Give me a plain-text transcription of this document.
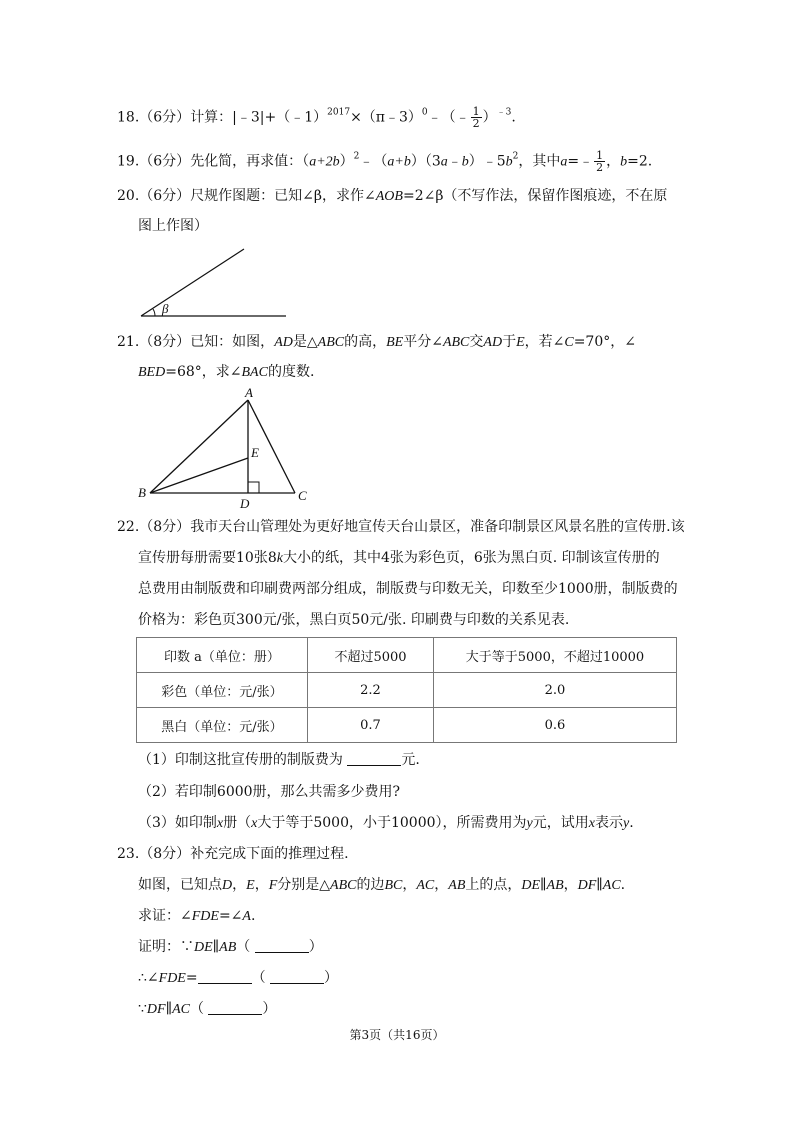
18.（6分）计算：|﹣3|+（﹣1）$^{2017}$×（π﹣3）$^0$﹣（﹣ $\frac{1}{2} )^{﹣3}$.
19.（6分）先化简，再求值：$(a+2b)^2﹣(a+b)(3a﹣b)﹣5b^2$，其中a=﹣ $\frac{1}{2}$ ，b=2.
20.（6分）尺规作图题：已知∠β，求作∠AOB=2∠β（不写作法，保留作图痕迹，不在原
图上作图）
β
21.（8分）已知：如图，AD是△ABC的高，BE平分∠ABC交AD于E，若∠C=70°，∠
BED=68°，求∠BAC的度数.
A
B	C
D
E
22.（8分）我市天台山管理处为更好地宣传天台山景区，准备印制景区风景名胜的宣传册.该
宣传册每册需要10张8k大小的纸，其中4张为彩色页，6张为黑白页. 印制该宣传册的
总费用由制版费和印刷费两部分组成，制版费与印数无关，印数至少1000册，制版费的
价格为：彩色页300元/张，黑白页50元/张. 印刷费与印数的关系见表.
印数 a（单位：册）	不超过5000	大于等于5000，不超过10000
彩色（单位：元/张）	2.2	2.0
黑白（单位：元/张）	0.7	0.6
（1）印制这批宣传册的制版费为	元.
（2）若印制6000册，那么共需多少费用?
（3）如印制x册（x大于等于5000，小于10000），所需费用为y元，试用x表示y.
23.（8分）补充完成下面的推理过程.
如图，已知点D，E，F分别是△ABC的边BC，AC，AB上的点，DE∥AB，DF∥AC.
求证：∠FDE=∠A.
证明：∵DE∥AB（	）
∴∠FDE=	（	）
∵DF∥AC（	）
第3页（共16页）
